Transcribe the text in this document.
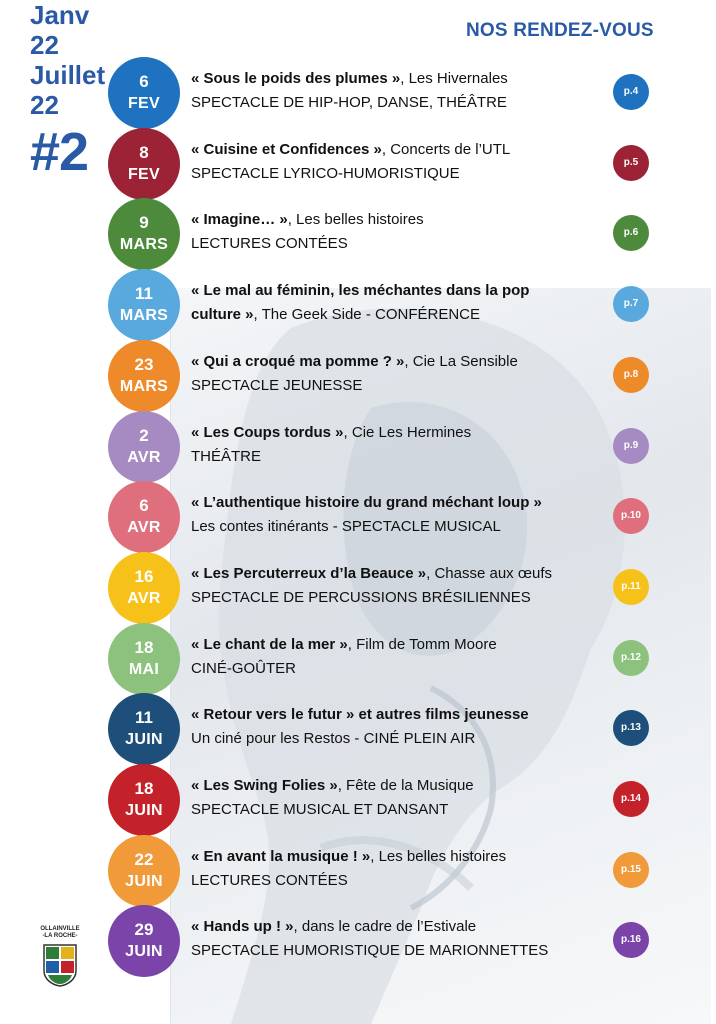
Janv
22
Juillet
22
#2
NOS RENDEZ-VOUS
6
FEV
« Sous le poids des plumes », Les Hivernales
SPECTACLE DE HIP-HOP, DANSE, THÉÂTRE
p.4
8
FEV
« Cuisine et Confidences », Concerts de l’UTL
SPECTACLE LYRICO-HUMORISTIQUE
p.5
9
MARS
« Imagine… », Les belles histoires
LECTURES CONTÉES
p.6
11
MARS
« Le mal au féminin, les méchantes dans la pop
culture », The Geek Side - CONFÉRENCE
p.7
23
MARS
« Qui a croqué ma pomme ? », Cie La Sensible
SPECTACLE JEUNESSE
p.8
2
AVR
« Les Coups tordus », Cie Les Hermines
THÉÂTRE
p.9
6
AVR
« L’authentique histoire du grand méchant loup »
Les contes itinérants - SPECTACLE MUSICAL
p.10
16
AVR
« Les Percuterreux d’la Beauce », Chasse aux œufs
SPECTACLE DE PERCUSSIONS BRÉSILIENNES
p.11
18
MAI
« Le chant de la mer », Film de Tomm Moore
CINÉ-GOÛTER
p.12
11
JUIN
« Retour vers le futur » et autres films jeunesse
Un ciné pour les Restos - CINÉ PLEIN AIR
p.13
18
JUIN
« Les Swing Folies », Fête de la Musique
SPECTACLE MUSICAL ET DANSANT
p.14
22
JUIN
« En avant la musique ! », Les belles histoires
LECTURES CONTÉES
p.15
29
JUIN
« Hands up ! », dans le cadre de l’Estivale
SPECTACLE HUMORISTIQUE DE MARIONNETTES
p.16
OLLAINVILLE
-LA ROCHE-
